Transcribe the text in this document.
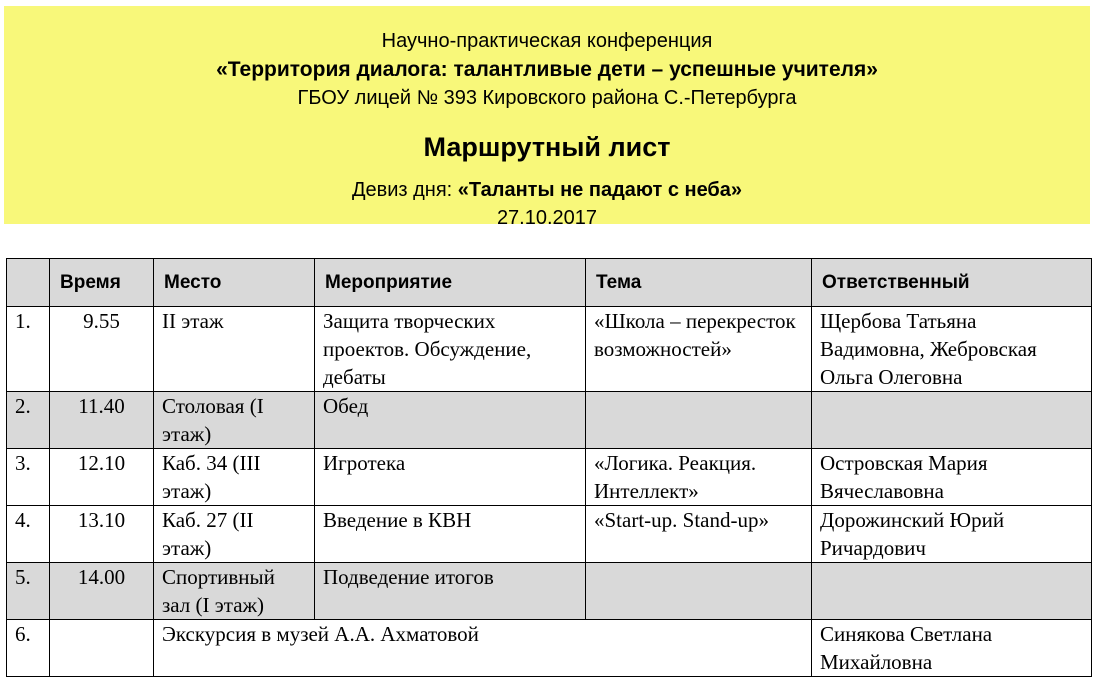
Научно-практическая конференция
«Территория диалога: талантливые дети – успешные учителя»
ГБОУ лицей № 393 Кировского района С.-Петербурга
Маршрутный лист
Девиз дня: «Таланты не падают с неба»
27.10.2017
	Время	Место	Мероприятие	Тема	Ответственный
1.	9.55	II этаж	Защита творческих проектов. Обсуждение, дебаты	«Школа – перекресток возможностей»	Щербова Татьяна Вадимовна, Жебровская Ольга Олеговна
2.	11.40	Столовая (I этаж)	Обед		
3.	12.10	Каб. 34 (III этаж)	Игротека	«Логика. Реакция. Интеллект»	Островская Мария Вячеславовна
4.	13.10	Каб. 27 (II этаж)	Введение в КВН	«Start-up. Stand-up»	Дорожинский Юрий Ричардович
5.	14.00	Спортивный зал (I этаж)	Подведение итогов		
6.		Экскурсия в музей А.А. Ахматовой			Синякова Светлана Михайловна
